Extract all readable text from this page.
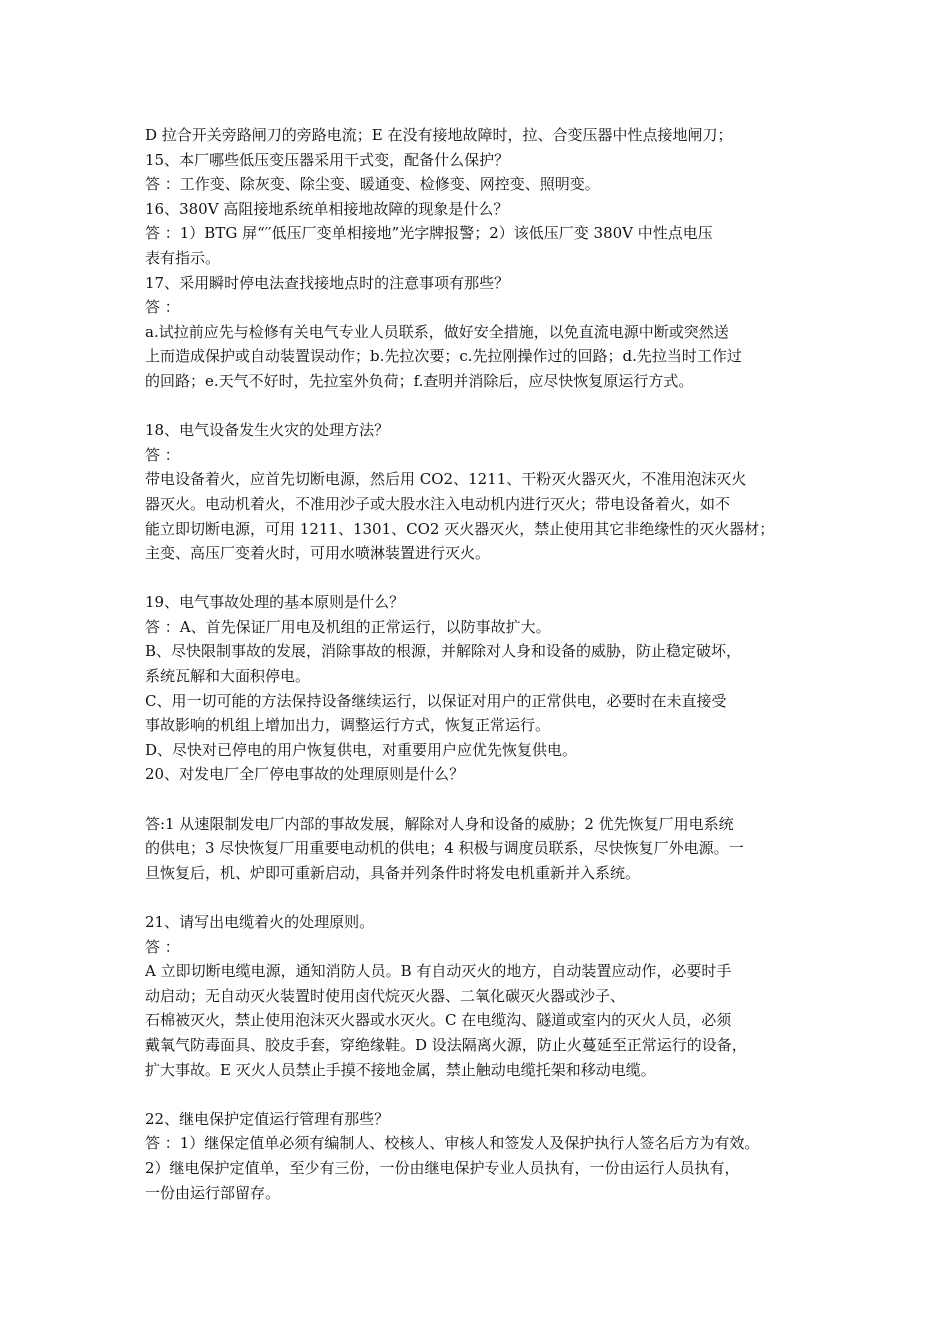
D 拉合开关旁路闸刀的旁路电流；E 在没有接地故障时，拉、合变压器中性点接地闸刀；
15、本厂哪些低压变压器采用干式变，配备什么保护？
答 ：工作变、除灰变、除尘变、暖通变、检修变、网控变、照明变。
16、380V 高阻接地系统单相接地故障的现象是什么？
答 ：1）BTG 屏“′′低压厂变单相接地”光字牌报警；2）该低压厂变 380V 中性点电压
表有指示。
17、采用瞬时停电法查找接地点时的注意事项有那些？
答 ：
a.试拉前应先与检修有关电气专业人员联系，做好安全措施，以免直流电源中断或突然送
上而造成保护或自动装置误动作；b.先拉次要；c.先拉刚操作过的回路；d.先拉当时工作过
的回路；e.天气不好时，先拉室外负荷；f.查明并消除后，应尽快恢复原运行方式。
18、电气设备发生火灾的处理方法？
答 ：
带电设备着火，应首先切断电源，然后用 CO2、1211、干粉灭火器灭火，不准用泡沫灭火
器灭火。电动机着火，不准用沙子或大股水注入电动机内进行灭火；带电设备着火，如不
能立即切断电源，可用 1211、1301、CO2 灭火器灭火，禁止使用其它非绝缘性的灭火器材；
主变、高压厂变着火时，可用水喷淋装置进行灭火。
19、电气事故处理的基本原则是什么？
答 ：A、首先保证厂用电及机组的正常运行，以防事故扩大。
B、尽快限制事故的发展，消除事故的根源，并解除对人身和设备的威胁，防止稳定破坏，
系统瓦解和大面积停电。
C、用一切可能的方法保持设备继续运行，以保证对用户的正常供电，必要时在未直接受
事故影响的机组上增加出力，调整运行方式，恢复正常运行。
D、尽快对已停电的用户恢复供电，对重要用户应优先恢复供电。
20、对发电厂全厂停电事故的处理原则是什么？
答:1 从速限制发电厂内部的事故发展，解除对人身和设备的威胁；2 优先恢复厂用电系统
的供电；3 尽快恢复厂用重要电动机的供电；4 积极与调度员联系，尽快恢复厂外电源。一
旦恢复后，机、炉即可重新启动，具备并列条件时将发电机重新并入系统。
21、请写出电缆着火的处理原则。
答 ：
A 立即切断电缆电源，通知消防人员。B 有自动灭火的地方，自动装置应动作，必要时手
动启动；无自动灭火装置时使用卤代烷灭火器、二氧化碳灭火器或沙子、
石棉被灭火，禁止使用泡沫灭火器或水灭火。C 在电缆沟、隧道或室内的灭火人员，必须
戴氧气防毒面具、胶皮手套，穿绝缘鞋。D 设法隔离火源，防止火蔓延至正常运行的设备，
扩大事故。E 灭火人员禁止手摸不接地金属，禁止触动电缆托架和移动电缆。
22、继电保护定值运行管理有那些？
答 ：1）继保定值单必须有编制人、校核人、审核人和签发人及保护执行人签名后方为有效。
2）继电保护定值单，至少有三份，一份由继电保护专业人员执有，一份由运行人员执有，
一份由运行部留存。
